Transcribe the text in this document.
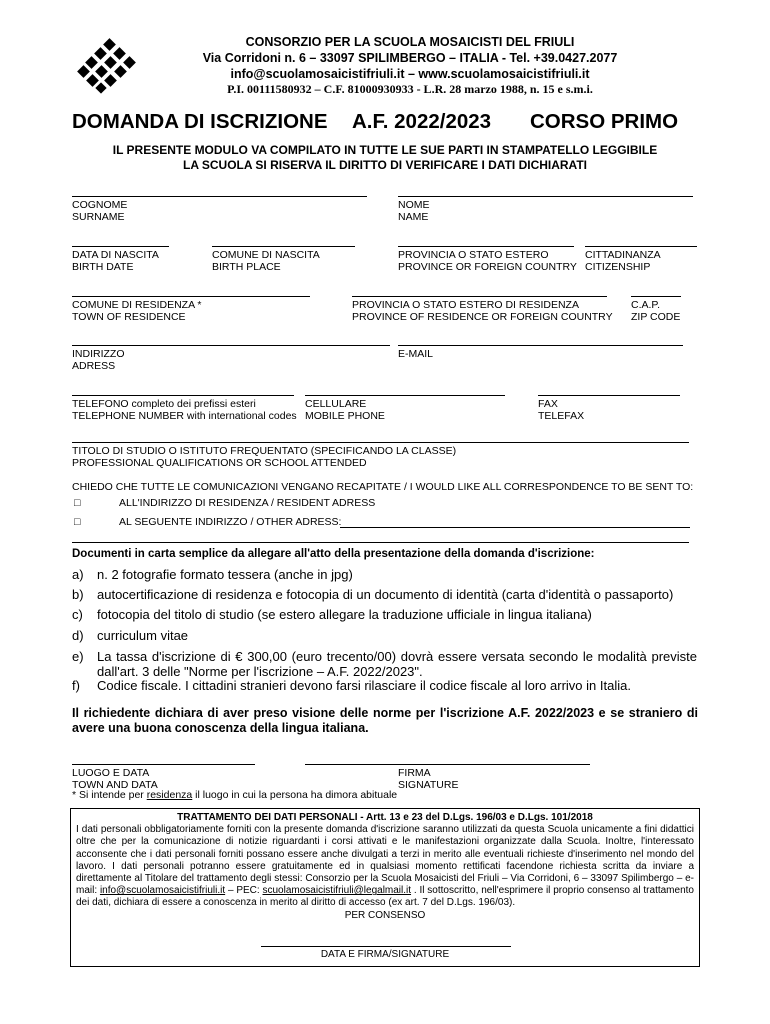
CONSORZIO PER LA SCUOLA MOSAICISTI DEL FRIULI
Via Corridoni n. 6 – 33097 SPILIMBERGO – ITALIA - Tel. +39.0427.2077
info@scuolamosaicistifriuli.it – www.scuolamosaicistifriuli.it
P.I. 00111580932 – C.F. 81000930933 - L.R. 28 marzo 1988, n. 15 e s.m.i.
DOMANDA DI ISCRIZIONE A.F. 2022/2023 CORSO PRIMO
IL PRESENTE MODULO VA COMPILATO IN TUTTE LE SUE PARTI IN STAMPATELLO LEGGIBILE
LA SCUOLA SI RISERVA IL DIRITTO DI VERIFICARE I DATI DICHIARATI
COGNOME
SURNAME
NOME
NAME
DATA DI NASCITA
BIRTH DATE
COMUNE DI NASCITA
BIRTH PLACE
PROVINCIA O STATO ESTERO
PROVINCE OR FOREIGN COUNTRY
CITTADINANZA
CITIZENSHIP
COMUNE DI RESIDENZA *
TOWN OF RESIDENCE
PROVINCIA O STATO ESTERO DI RESIDENZA
PROVINCE OF RESIDENCE OR FOREIGN COUNTRY
C.A.P.
ZIP CODE
INDIRIZZO
ADRESS
E-MAIL
TELEFONO completo dei prefissi esteri
TELEPHONE NUMBER with international codes
CELLULARE
MOBILE PHONE
FAX
TELEFAX
TITOLO DI STUDIO O ISTITUTO FREQUENTATO (SPECIFICANDO LA CLASSE)
PROFESSIONAL QUALIFICATIONS OR SCHOOL ATTENDED
CHIEDO CHE TUTTE LE COMUNICAZIONI VENGANO RECAPITATE / I WOULD LIKE ALL CORRESPONDENCE TO BE SENT TO:
□	ALL'INDIRIZZO DI RESIDENZA / RESIDENT ADRESS
□	AL SEGUENTE INDIRIZZO / OTHER ADRESS:
Documenti in carta semplice da allegare all'atto della presentazione della domanda d'iscrizione:
a) n. 2 fotografie formato tessera (anche in jpg)
b) autocertificazione di residenza e fotocopia di un documento di identità (carta d'identità o passaporto)
c) fotocopia del titolo di studio (se estero allegare la traduzione ufficiale in lingua italiana)
d) curriculum vitae
e) La tassa d'iscrizione di € 300,00 (euro trecento/00) dovrà essere versata secondo le modalità previste dall'art. 3 delle "Norme per l'iscrizione – A.F. 2022/2023".
f) Codice fiscale. I cittadini stranieri devono farsi rilasciare il codice fiscale al loro arrivo in Italia.
Il richiedente dichiara di aver preso visione delle norme per l'iscrizione A.F. 2022/2023 e se straniero di avere una buona conoscenza della lingua italiana.
LUOGO E DATA
TOWN AND DATA
FIRMA
SIGNATURE
* Si intende per residenza il luogo in cui la persona ha dimora abituale
TRATTAMENTO DEI DATI PERSONALI - Artt. 13 e 23 del D.Lgs. 196/03 e D.Lgs. 101/2018
I dati personali obbligatoriamente forniti con la presente domanda d'iscrizione saranno utilizzati da questa Scuola unicamente a fini didattici oltre che per la comunicazione di notizie riguardanti i corsi attivati e le manifestazioni organizzate dalla Scuola. Inoltre, l'interessato acconsente che i dati personali forniti possano essere anche divulgati a terzi in merito alle eventuali richieste d'inserimento nel mondo del lavoro. I dati personali potranno essere gratuitamente ed in qualsiasi momento rettificati facendone richiesta scritta da inviare a direttamente al Titolare del trattamento degli stessi: Consorzio per la Scuola Mosaicisti del Friuli – Via Corridoni, 6 – 33097 Spilimbergo – e-mail: info@scuolamosaicistifriuli.it – PEC: scuolamosaicistifriuli@legalmail.it . Il sottoscritto, nell'esprimere il proprio consenso al trattamento dei dati, dichiara di essere a conoscenza in merito al diritto di accesso (ex art. 7 del D.Lgs. 196/03).
PER CONSENSO
DATA E FIRMA/SIGNATURE
